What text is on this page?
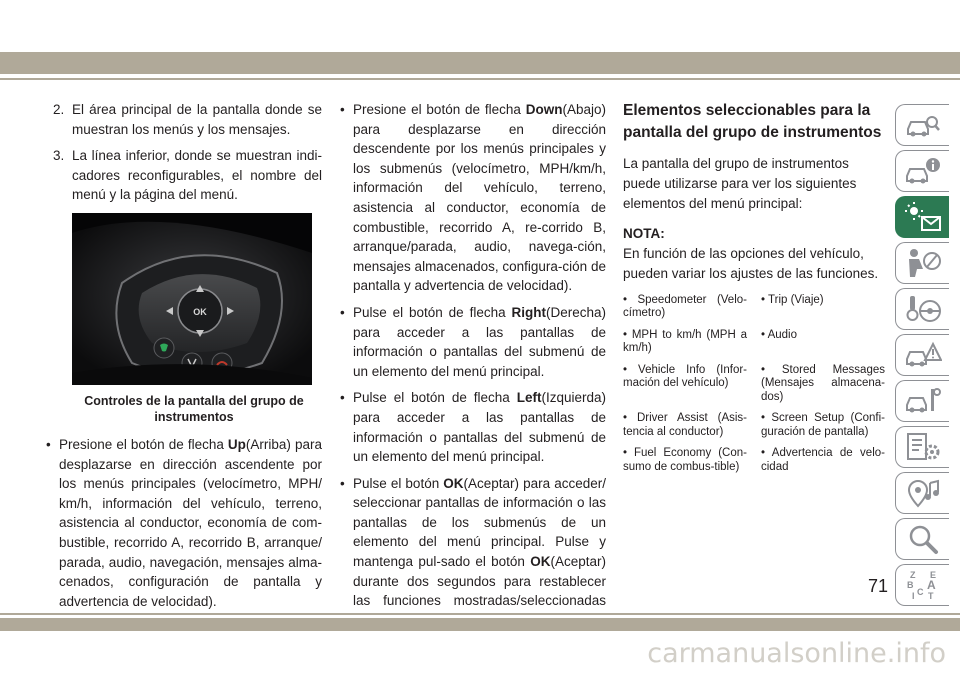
2. El área principal de la pantalla donde se muestran los menús y los mensajes.
3. La línea inferior, donde se muestran indi-cadores reconfigurables, el nombre del menú y la página del menú.
OK
Controles de la pantalla del grupo de instrumentos
• Presione el botón de flecha Up(Arriba) para desplazarse en dirección ascendente por los menús principales (velocímetro, MPH/ km/h, información del vehículo, terreno, asistencia al conductor, economía de com-bustible, recorrido A, recorrido B, arranque/ parada, audio, navegación, mensajes alma-cenados, configuración de pantalla y advertencia de velocidad).
• Presione el botón de flecha Down(Abajo) para desplazarse en dirección descendente por los menús principales y los submenús (velocímetro, MPH/km/h, información del vehículo, terreno, asistencia al conductor, economía de combustible, recorrido A, re-corrido B, arranque/parada, audio, navega-ción, mensajes almacenados, configura-ción de pantalla y advertencia de velocidad).
• Pulse el botón de flecha Right(Derecha) para acceder a las pantallas de información o pantallas del submenú de un elemento del menú principal.
• Pulse el botón de flecha Left(Izquierda) para acceder a las pantallas de información o pantallas del submenú de un elemento del menú principal.
• Pulse el botón OK(Aceptar) para acceder/ seleccionar pantallas de información o las pantallas de los submenús de un elemento del menú principal. Pulse y mantenga pul-sado el botón OK(Aceptar) durante dos segundos para restablecer las funciones mostradas/seleccionadas
Elementos seleccionables para la pantalla del grupo de instrumentos

La pantalla del grupo de instrumentos puede utilizarse para ver los siguientes elementos del menú principal:

NOTA:

En función de las opciones del vehículo, pueden variar los ajustes de las funciones.

• Speedometer (Velo-címetro)
• Trip (Viaje)
• MPH to km/h (MPH a km/h)
• Audio
• Vehicle Info (Infor-mación del vehículo)
• Stored Messages (Mensajes almacena-dos)
• Driver Assist (Asis-tencia al conductor)
• Screen Setup (Confi-guración de pantalla)
• Fuel Economy (Con-sumo de combus-tible)
• Advertencia de velo-cidad
Z E
B A
C
I T
71
carmanualsonline.info
